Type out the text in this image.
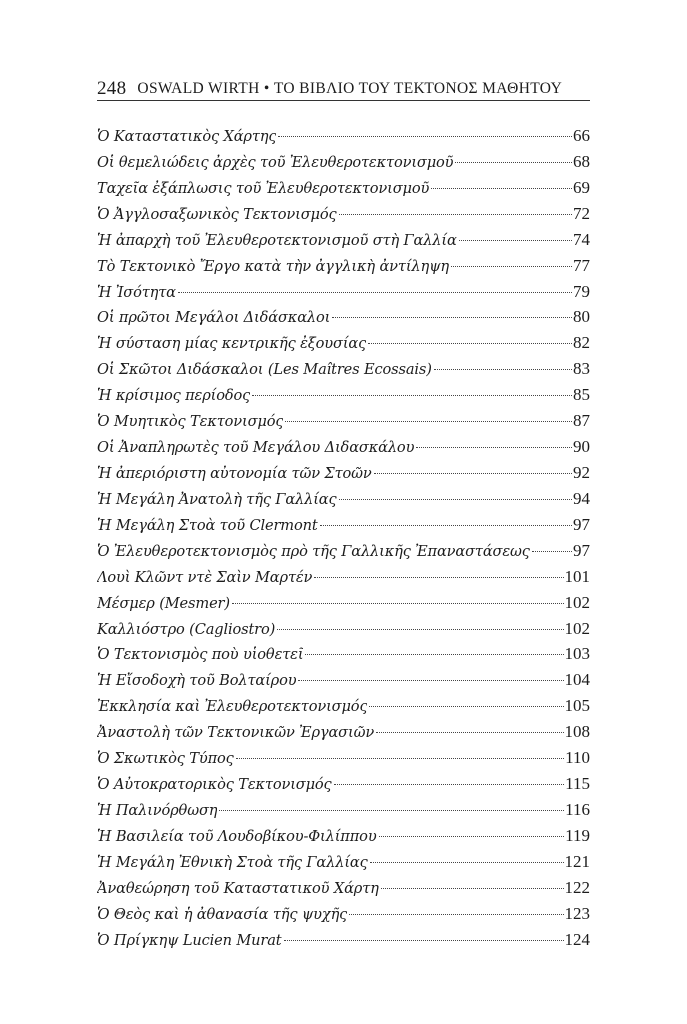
248 OSWALD WIRTH • ΤΟ ΒΙΒΛΙΟ ΤΟΥ ΤΕΚΤΟΝΟΣ ΜΑΘΗΤΟΥ
Ὁ Καταστατικὸς Χάρτης	66
Οἱ θεμελιώδεις ἀρχὲς τοῦ Ἐλευθεροτεκτονισμοῦ	68
Ταχεῖα ἐξάπλωσις τοῦ Ἐλευθεροτεκτονισμοῦ	69
Ὁ Ἀγγλοσαξωνικὸς Τεκτονισμός	72
Ἡ ἀπαρχὴ τοῦ Ἐλευθεροτεκτονισμοῦ στὴ Γαλλία	74
Τὸ Τεκτονικὸ Ἔργο κατὰ τὴν ἀγγλικὴ ἀντίληψη	77
Ἡ Ἰσότητα	79
Οἱ πρῶτοι Μεγάλοι Διδάσκαλοι	80
Ἡ σύσταση μίας κεντρικῆς ἐξουσίας	82
Οἱ Σκῶτοι Διδάσκαλοι (Les Maîtres Ecossais)	83
Ἡ κρίσιμος περίοδος	85
Ὁ Μυητικὸς Τεκτονισμός	87
Οἱ Ἀναπληρωτὲς τοῦ Μεγάλου Διδασκάλου	90
Ἡ ἀπεριόριστη αὐτονομία τῶν Στοῶν	92
Ἡ Μεγάλη Ἀνατολὴ τῆς Γαλλίας	94
Ἡ Μεγάλη Στοὰ τοῦ Clermont	97
Ὁ Ἐλευθεροτεκτονισμὸς πρὸ τῆς Γαλλικῆς Ἐπαναστάσεως	97
Λουὶ Κλῶντ ντὲ Σαὶν Μαρτέν	101
Μέσμερ (Mesmer)	102
Καλλιόστρο (Cagliostro)	102
Ὁ Τεκτονισμὸς ποὺ υἱοθετεῖ	103
Ἡ Εἴσοδοχὴ τοῦ Βολταίρου	104
Ἐκκλησία καὶ Ἐλευθεροτεκτονισμός	105
Ἀναστολὴ τῶν Τεκτονικῶν Ἐργασιῶν	108
Ὁ Σκωτικὸς Τύπος	110
Ὁ Αὐτοκρατορικὸς Τεκτονισμός	115
Ἡ Παλινόρθωση	116
Ἡ Βασιλεία τοῦ Λουδοβίκου-Φιλίππου	119
Ἡ Μεγάλη Ἐθνικὴ Στοὰ τῆς Γαλλίας	121
Ἀναθεώρηση τοῦ Καταστατικοῦ Χάρτη	122
Ὁ Θεὸς καὶ ἡ ἀθανασία τῆς ψυχῆς	123
Ὁ Πρίγκηψ Lucien Murat	124
